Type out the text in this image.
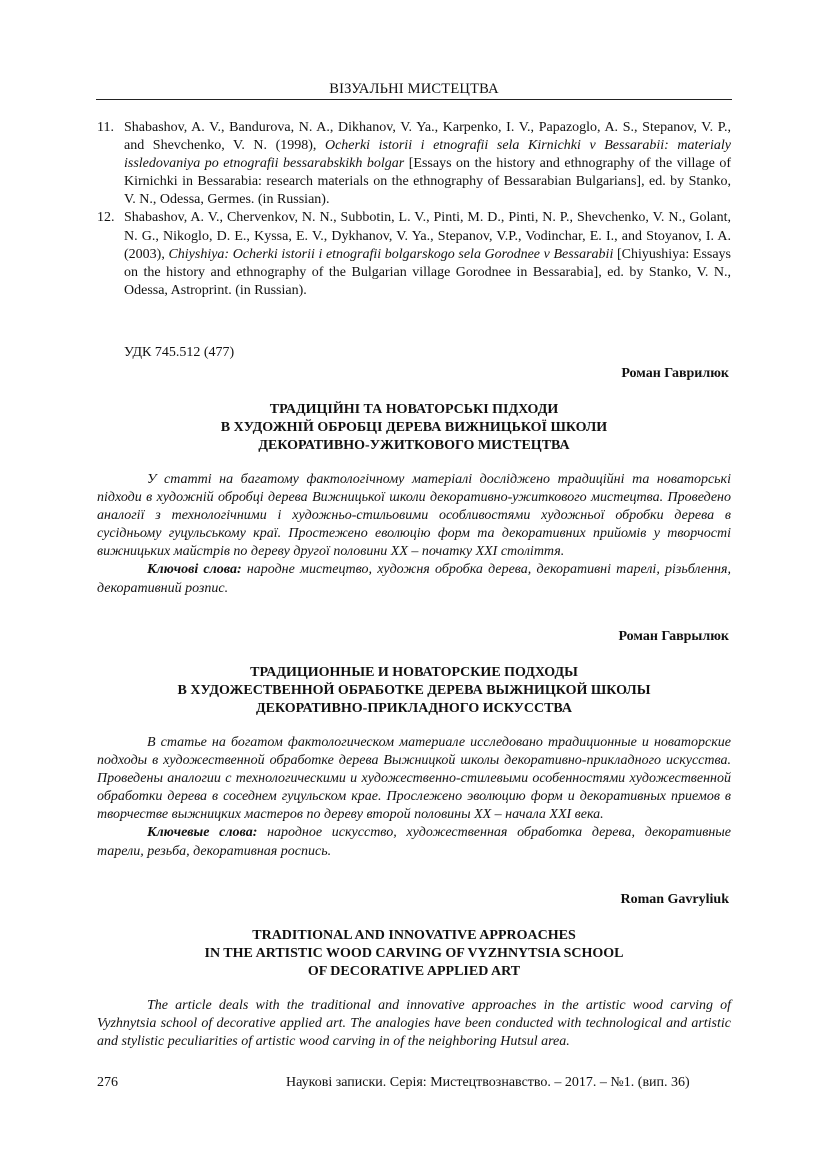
ВІЗУАЛЬНІ МИСТЕЦТВА
11. Shabashov, A. V., Bandurova, N. A., Dikhanov, V. Ya., Karpenko, I. V., Papazoglo, A. S., Stepanov, V. P., and Shevchenko, V. N. (1998), Ocherki istorii i etnografii sela Kirnichki v Bessarabii: materialy issledovaniya po etnografii bessarabskikh bolgar [Essays on the history and ethnography of the village of Kirnichki in Bessarabia: research materials on the ethnography of Bessarabian Bulgarians], ed. by Stanko, V. N., Odessa, Germes. (in Russian).
12. Shabashov, A. V., Chervenkov, N. N., Subbotin, L. V., Pinti, M. D., Pinti, N. P., Shevchenko, V. N., Golant, N. G., Nikoglo, D. E., Kyssa, E. V., Dykhanov, V. Ya., Stepanov, V.P., Vodinchar, E. I., and Stoyanov, I. A. (2003), Chiyshiya: Ocherki istorii i etnografii bolgarskogo sela Gorodnee v Bessarabii [Chiyushiya: Essays on the history and ethnography of the Bulgarian village Gorodnee in Bessarabia], ed. by Stanko, V. N., Odessa, Astroprint. (in Russian).
УДК 745.512 (477)
Роман Гаврилюк
ТРАДИЦІЙНІ ТА НОВАТОРСЬКІ ПІДХОДИ
В ХУДОЖНІЙ ОБРОБЦІ ДЕРЕВА ВИЖНИЦЬКОЇ ШКОЛИ
ДЕКОРАТИВНО-УЖИТКОВОГО МИСТЕЦТВА

У статті на багатому фактологічному матеріалі досліджено традиційні та новаторські підходи в художній обробці дерева Вижницької школи декоративно-ужиткового мистецтва. Проведено аналогії з технологічними і художньо-стильовими особливостями художньої обробки дерева в сусідньому гуцульському краї. Простежено еволюцію форм та декоративних прийомів у творчості вижницьких майстрів по дереву другої половини ХХ – початку ХХІ століття.

Ключові слова: народне мистецтво, художня обробка дерева, декоративні тарелі, різьблення, декоративний розпис.

Роман Гаврылюк
ТРАДИЦИОННЫЕ И НОВАТОРСКИЕ ПОДХОДЫ
В ХУДОЖЕСТВЕННОЙ ОБРАБОТКЕ ДЕРЕВА ВЫЖНИЦКОЙ ШКОЛЫ
ДЕКОРАТИВНО-ПРИКЛАДНОГО ИСКУССТВА

В статье на богатом фактологическом материале исследовано традиционные и новаторские подходы в художественной обработке дерева Выжницкой школы декоративно-прикладного искусства. Проведены аналогии с технологическими и художественно-стилевыми особенностями художественной обработки дерева в соседнем гуцульском крае. Прослежено эволюцию форм и декоративных приемов в творчестве выжницких мастеров по дереву второй половины ХХ – начала ХХІ века.

Ключевые слова: народное искусство, художественная обработка дерева, декоративные тарели, резьба, декоративная роспись.

Roman Gavryliuk
TRADITIONAL AND INNOVATIVE APPROACHES
IN THE ARTISTIC WOOD CARVING OF VYZHNYTSIA SCHOOL
OF DECORATIVE APPLIED ART

The article deals with the traditional and innovative approaches in the artistic wood carving of Vyzhnytsia school of decorative applied art. The analogies have been conducted with technological and artistic and stylistic peculiarities of artistic wood carving in of the neighboring Hutsul area.

276	Наукові записки. Серія: Мистецтвознавство. – 2017. – №1. (вип. 36)
